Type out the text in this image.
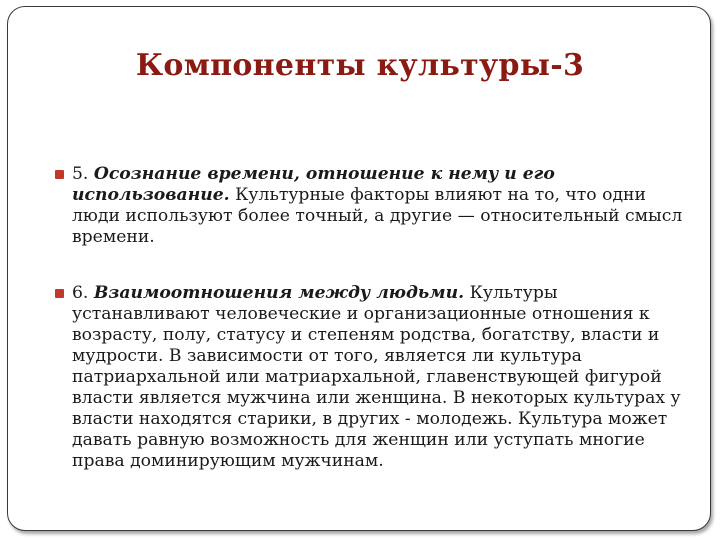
Компоненты культуры-3
5. Осознание времени, отношение к нему и его использование. Культурные факторы влияют на то, что одни люди используют более точный, а другие — относительный смысл времени.
6. Взаимоотношения между людьми. Культуры устанавливают человеческие и организационные отношения к возрасту, полу, статусу и степеням родства, богатству, власти и мудрости. В зависимости от того, является ли культура патриархальной или матриархальной, главенствующей фигурой власти является мужчина или женщина. В некоторых культурах у власти находятся старики, в других - молодежь. Культура может давать равную возможность для женщин или уступать многие права доминирующим мужчинам.
